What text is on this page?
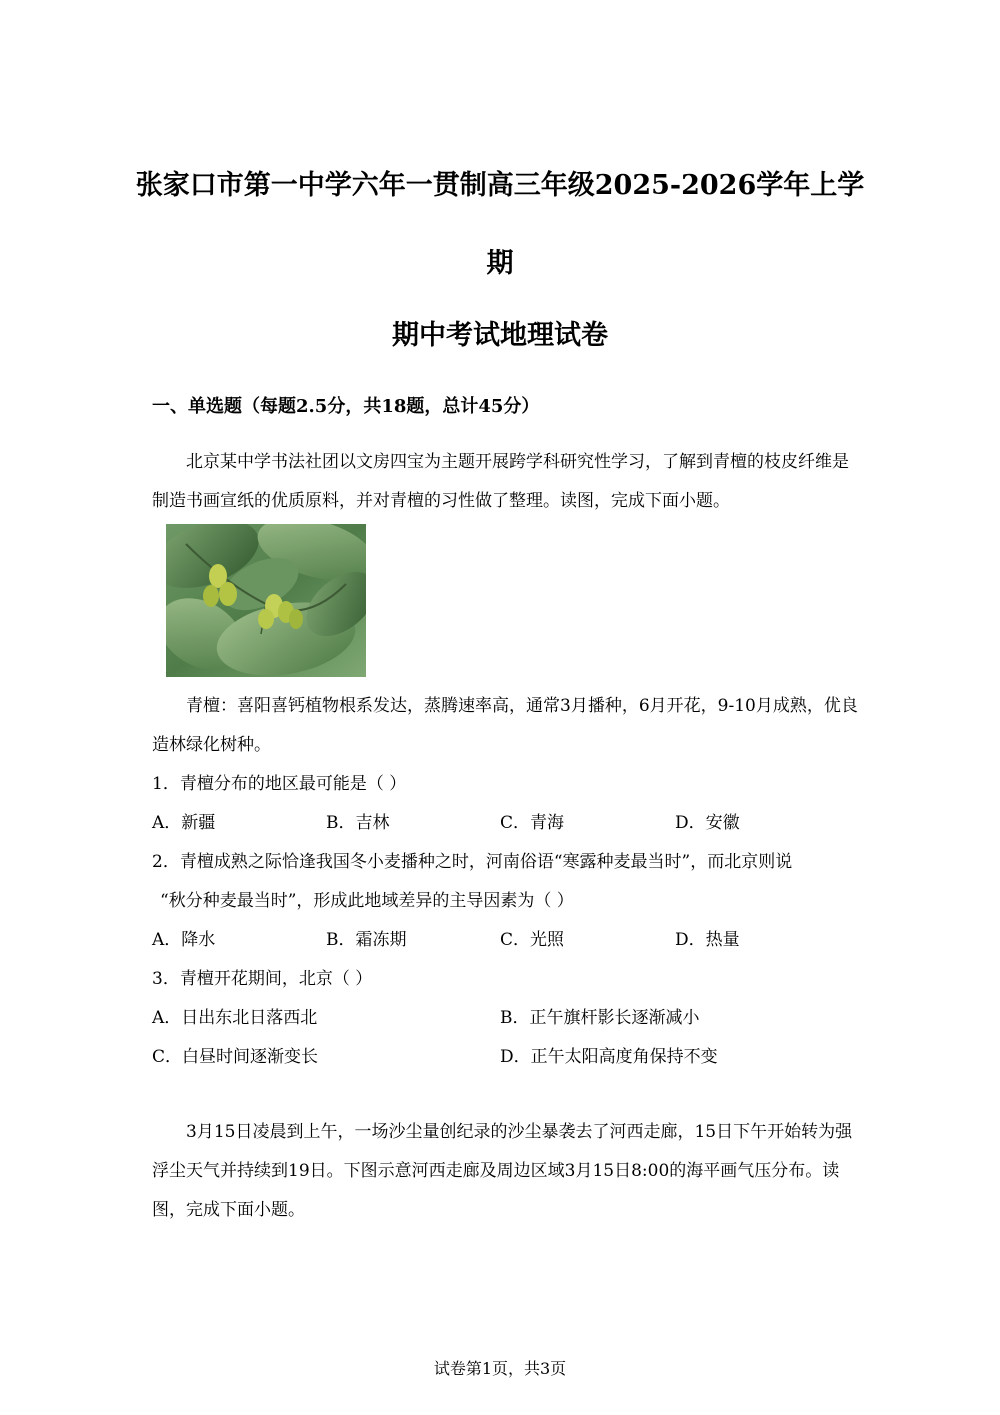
张家口市第一中学六年一贯制高三年级2025-2026学年上学
期
期中考试地理试卷
一、单选题（每题2.5分，共18题，总计45分）
北京某中学书法社团以文房四宝为主题开展跨学科研究性学习，了解到青檀的枝皮纤维是制造书画宣纸的优质原料，并对青檀的习性做了整理。读图，完成下面小题。
青檀：喜阳喜钙植物根系发达，蒸腾速率高，通常3月播种，6月开花，9-10月成熟，优良造林绿化树种。
1．青檀分布的地区最可能是（ ）
A．新疆	B．吉林	C．青海	D．安徽
2．青檀成熟之际恰逢我国冬小麦播种之时，河南俗语“寒露种麦最当时”，而北京则说
“秋分种麦最当时”，形成此地域差异的主导因素为（ ）
A．降水	B．霜冻期	C．光照	D．热量
3．青檀开花期间，北京（ ）
A．日出东北日落西北	B．正午旗杆影长逐渐减小
C．白昼时间逐渐变长	D．正午太阳高度角保持不变
3月15日凌晨到上午，一场沙尘量创纪录的沙尘暴袭去了河西走廊，15日下午开始转为强浮尘天气并持续到19日。下图示意河西走廊及周边区域3月15日8:00的海平画气压分布。读图，完成下面小题。
试卷第1页，共3页
